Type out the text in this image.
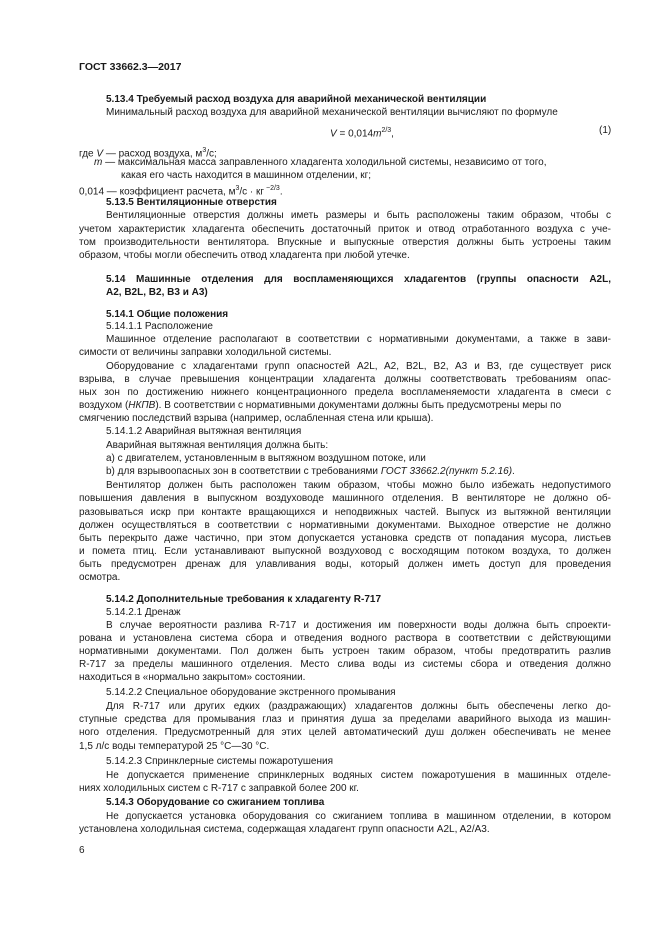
ГОСТ 33662.3—2017
5.13.4 Требуемый расход воздуха для аварийной механической вентиляции
Минимальный расход воздуха для аварийной механической вентиляции вычисляют по формуле
$V = 0,014m^{2/3}$,	(1)
где V — расход воздуха, $м^3/с$;
m — максимальная масса заправленного хладагента холодильной системы, независимо от того,
какая его часть находится в машинном отделении, кг;
0,014 — коэффициент расчета, $м^3/с$ · кг $^{-2/3}$.
5.13.5 Вентиляционные отверстия
Вентиляционные отверстия должны иметь размеры и быть расположены таким образом, чтобы с
учетом характеристик хладагента обеспечить достаточный приток и отвод отработанного воздуха с уче-
том производительности вентилятора. Впускные и выпускные отверстия должны быть устроены таким
образом, чтобы могли обеспечить отвод хладагента при любой утечке.
5.14 Машинные отделения для воспламеняющихся хладагентов (группы опасности A2L,
A2, B2L, B2, B3 и A3)
5.14.1 Общие положения
5.14.1.1 Расположение
Машинное отделение располагают в соответствии с нормативными документами, а также в зави-
симости от величины заправки холодильной системы.
Оборудование с хладагентами групп опасностей A2L, A2, B2L, B2, A3 и B3, где существует риск
взрыва, в случае превышения концентрации хладагента должны соответствовать требованиям опас-
ных зон по достижению нижнего концентрационного предела воспламеняемости хладагента в смеси с
воздухом (НКПВ). В соответствии с нормативными документами должны быть предусмотрены меры по
смягчению последствий взрыва (например, ослабленная стена или крыша).
5.14.1.2 Аварийная вытяжная вентиляция
Аварийная вытяжная вентиляция должна быть:
a) с двигателем, установленным в вытяжном воздушном потоке, или
b) для взрывоопасных зон в соответствии с требованиями ГОСТ 33662.2(пункт 5.2.16).
Вентилятор должен быть расположен таким образом, чтобы можно было избежать недопустимого
повышения давления в выпускном воздуховоде машинного отделения. В вентиляторе не должно об-
разовываться искр при контакте вращающихся и неподвижных частей. Выпуск из вытяжной вентиляции
должен осуществляться в соответствии с нормативными документами. Выходное отверстие не должно
быть перекрыто даже частично, при этом допускается установка средств от попадания мусора, листьев
и помета птиц. Если устанавливают выпускной воздуховод с восходящим потоком воздуха, то должен
быть предусмотрен дренаж для улавливания воды, который должен иметь доступ для проведения
осмотра.
5.14.2 Дополнительные требования к хладагенту R-717
5.14.2.1 Дренаж
В случае вероятности разлива R-717 и достижения им поверхности воды должна быть спроекти-
рована и установлена система сбора и отведения водного раствора в соответствии с действующими
нормативными документами. Пол должен быть устроен таким образом, чтобы предотвратить разлив
R-717 за пределы машинного отделения. Место слива воды из системы сбора и отведения должно
находиться в «нормально закрытом» состоянии.
5.14.2.2 Специальное оборудование экстренного промывания
Для R-717 или других едких (раздражающих) хладагентов должны быть обеспечены легко до-
ступные средства для промывания глаз и принятия душа за пределами аварийного выхода из машин-
ного отделения. Предусмотренный для этих целей автоматический душ должен обеспечивать не менее
1,5 л/с воды температурой 25 °С—30 °С.
5.14.2.3 Спринклерные системы пожаротушения
Не допускается применение спринклерных водяных систем пожаротушения в машинных отделе-
ниях холодильных систем с R-717 с заправкой более 200 кг.
5.14.3 Оборудование со сжиганием топлива
Не допускается установка оборудования со сжиганием топлива в машинном отделении, в котором
установлена холодильная система, содержащая хладагент групп опасности A2L, A2/A3.
6
